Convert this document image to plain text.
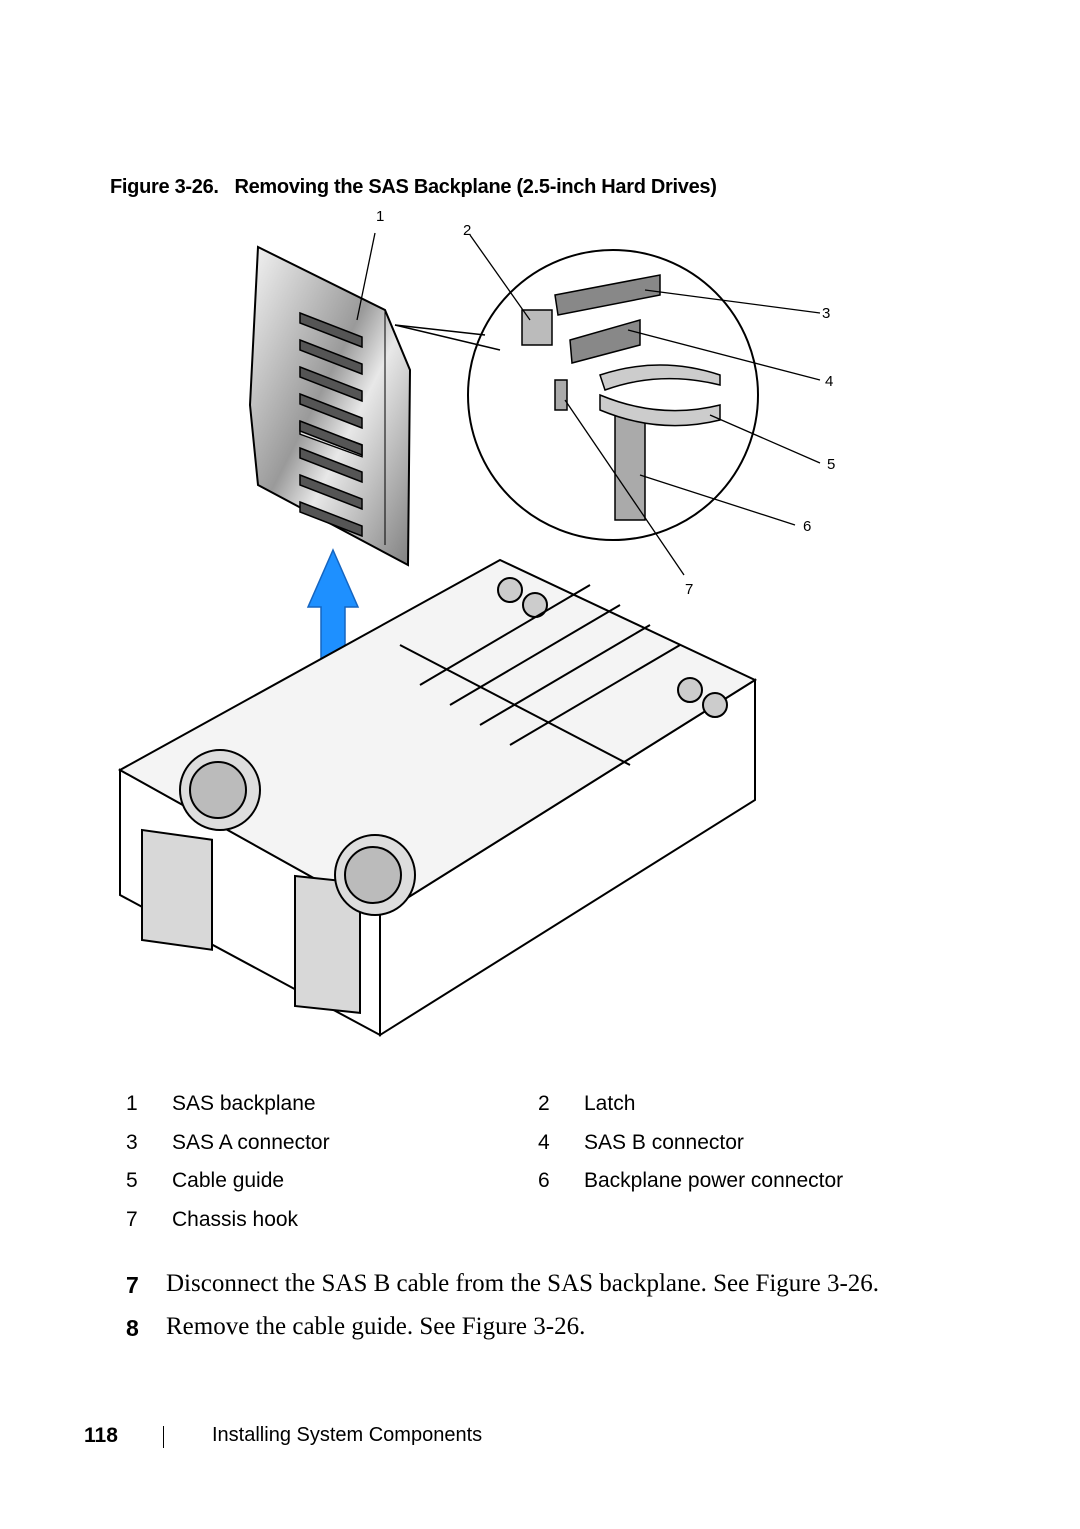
Figure 3-26. Removing the SAS Backplane (2.5-inch Hard Drives)
1
2
3
4
5
6
7
1	SAS backplane	2	Latch
3	SAS A connector	4	SAS B connector
5	Cable guide	6	Backplane power connector
7	Chassis hook
7 Disconnect the SAS B cable from the SAS backplane. See Figure 3-26.
8 Remove the cable guide. See Figure 3-26.
118	Installing System Components
